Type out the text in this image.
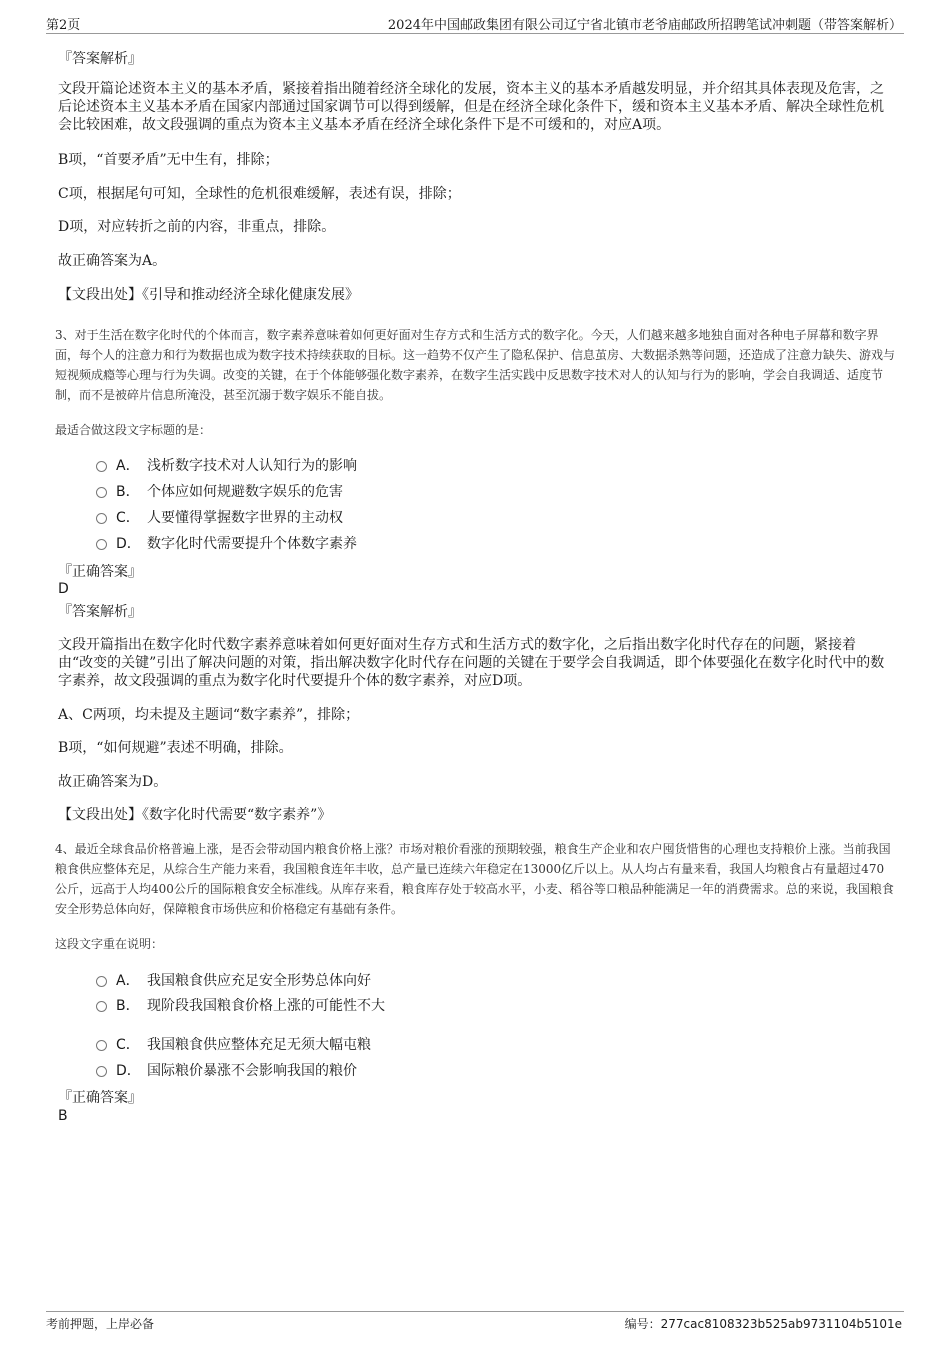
第2页	2024年中国邮政集团有限公司辽宁省北镇市老爷庙邮政所招聘笔试冲刺题（带答案解析）
『答案解析』
文段开篇论述资本主义的基本矛盾，紧接着指出随着经济全球化的发展，资本主义的基本矛盾越发明显，并介绍其具体表现及危害，之后论述资本主义基本矛盾在国家内部通过国家调节可以得到缓解，但是在经济全球化条件下，缓和资本主义基本矛盾、解决全球性危机会比较困难，故文段强调的重点为资本主义基本矛盾在经济全球化条件下是不可缓和的，对应A项。
B项，“首要矛盾”无中生有，排除；
C项，根据尾句可知，全球性的危机很难缓解，表述有误，排除；
D项，对应转折之前的内容，非重点，排除。
故正确答案为A。
【文段出处】《引导和推动经济全球化健康发展》
3、对于生活在数字化时代的个体而言，数字素养意味着如何更好面对生存方式和生活方式的数字化。今天，人们越来越多地独自面对各种电子屏幕和数字界面，每个人的注意力和行为数据也成为数字技术持续获取的目标。这一趋势不仅产生了隐私保护、信息茧房、大数据杀熟等问题，还造成了注意力缺失、游戏与短视频成瘾等心理与行为失调。改变的关键，在于个体能够强化数字素养，在数字生活实践中反思数字技术对人的认知与行为的影响，学会自我调适、适度节制，而不是被碎片信息所淹没，甚至沉溺于数字娱乐不能自拔。
最适合做这段文字标题的是：
A． 浅析数字技术对人认知行为的影响
B． 个体应如何规避数字娱乐的危害
C． 人要懂得掌握数字世界的主动权
D． 数字化时代需要提升个体数字素养
『正确答案』
D
『答案解析』
文段开篇指出在数字化时代数字素养意味着如何更好面对生存方式和生活方式的数字化，之后指出数字化时代存在的问题，紧接着由“改变的关键”引出了解决问题的对策，指出解决数字化时代存在问题的关键在于要学会自我调适，即个体要强化在数字化时代中的数字素养，故文段强调的重点为数字化时代要提升个体的数字素养，对应D项。
A、C两项，均未提及主题词“数字素养”，排除；
B项，“如何规避”表述不明确，排除。
故正确答案为D。
【文段出处】《数字化时代需要“数字素养”》
4、最近全球食品价格普遍上涨，是否会带动国内粮食价格上涨？市场对粮价看涨的预期较强，粮食生产企业和农户囤货惜售的心理也支持粮价上涨。当前我国粮食供应整体充足，从综合生产能力来看，我国粮食连年丰收，总产量已连续六年稳定在13000亿斤以上。从人均占有量来看，我国人均粮食占有量超过470公斤，远高于人均400公斤的国际粮食安全标准线。从库存来看，粮食库存处于较高水平，小麦、稻谷等口粮品种能满足一年的消费需求。总的来说，我国粮食安全形势总体向好，保障粮食市场供应和价格稳定有基础有条件。
这段文字重在说明：
A． 我国粮食供应充足安全形势总体向好
B． 现阶段我国粮食价格上涨的可能性不大
C． 我国粮食供应整体充足无须大幅屯粮
D． 国际粮价暴涨不会影响我国的粮价
『正确答案』
B
考前押题，上岸必备	编号：277cac8108323b525ab9731104b5101e
